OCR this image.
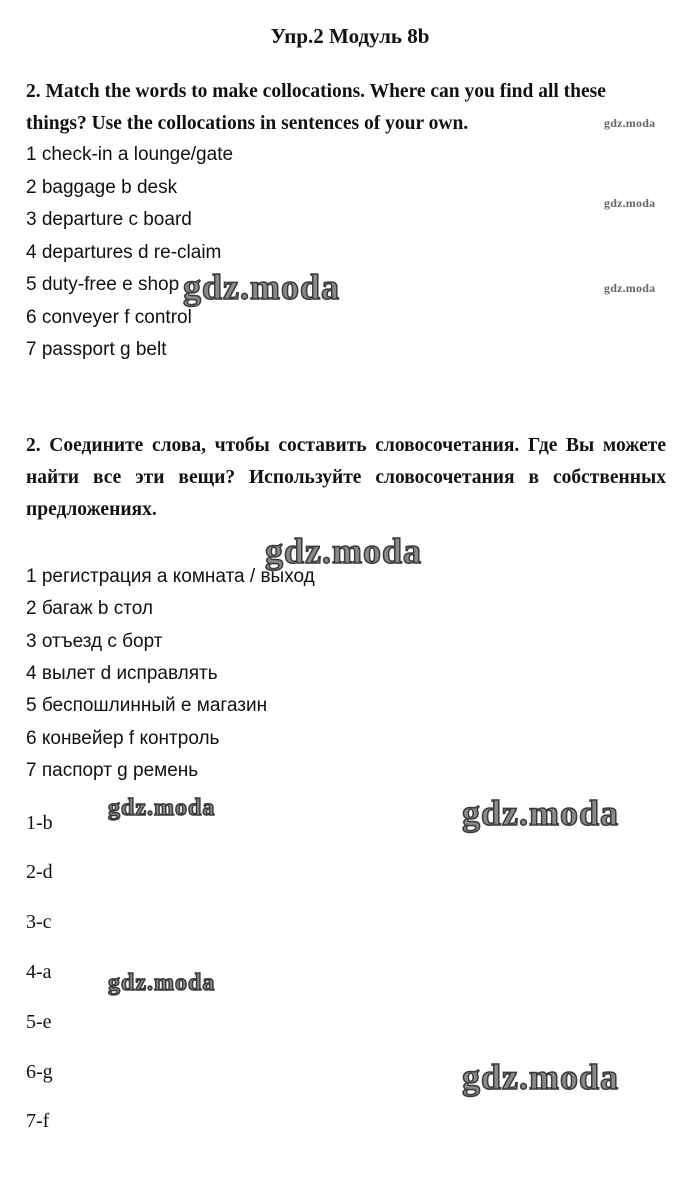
Упр.2 Модуль 8b
2. Match the words to make collocations. Where can you find all these things? Use the collocations in sentences of your own.
1 check-in a lounge/gate
2 baggage b desk
3 departure c board
4 departures d re-claim
5 duty-free e shop
6 conveyer f control
7 passport g belt
2. Соедините слова, чтобы составить словосочетания. Где Вы можете найти все эти вещи? Используйте словосочетания в собственных предложениях.
1 регистрация a комната / выход
2 багаж b стол
3 отъезд c борт
4 вылет d исправлять
5 беспошлинный e магазин
6 конвейер f контроль
7 паспорт g ремень
1-b
2-d
3-c
4-a
5-e
6-g
7-f
gdz.moda
gdz.moda
gdz.moda
gdz.moda
gdz.moda
gdz.moda	gdz.moda
gdz.moda
gdz.moda
